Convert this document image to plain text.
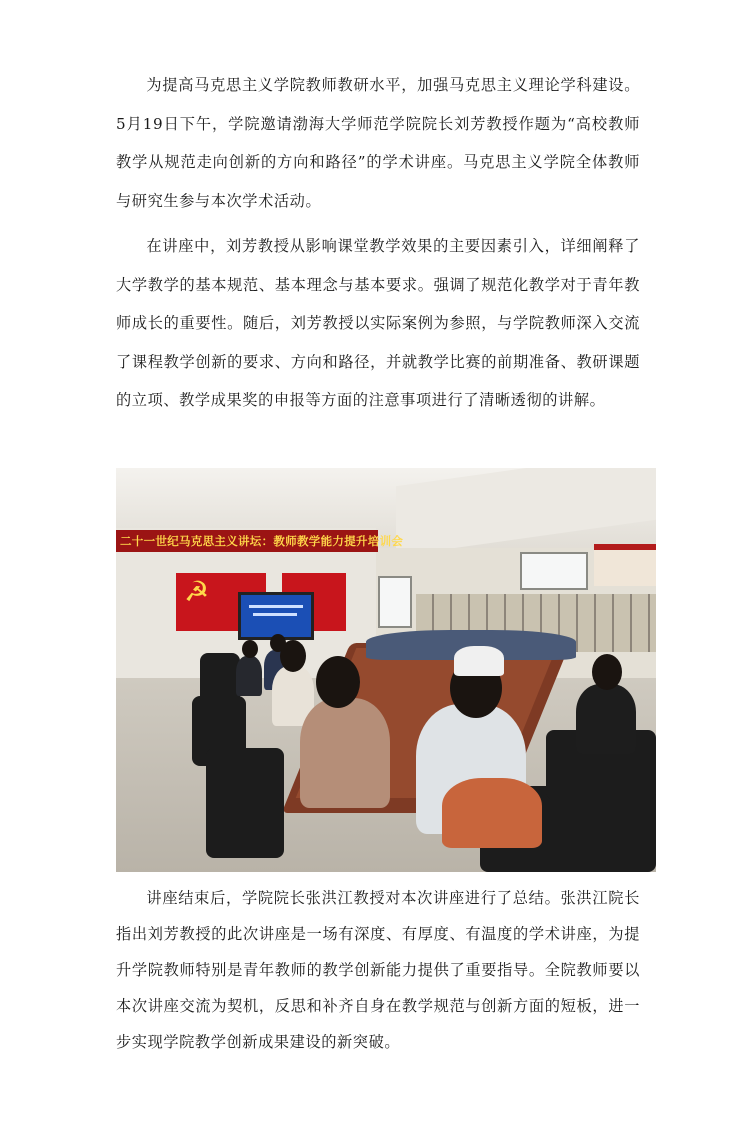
为提高马克思主义学院教师教研水平，加强马克思主义理论学科建设。5月19日下午，学院邀请渤海大学师范学院院长刘芳教授作题为“高校教师教学从规范走向创新的方向和路径”的学术讲座。马克思主义学院全体教师与研究生参与本次学术活动。

在讲座中，刘芳教授从影响课堂教学效果的主要因素引入，详细阐释了大学教学的基本规范、基本理念与基本要求。强调了规范化教学对于青年教师成长的重要性。随后，刘芳教授以实际案例为参照，与学院教师深入交流了课程教学创新的要求、方向和路径，并就教学比赛的前期准备、教研课题的立项、教学成果奖的申报等方面的注意事项进行了清晰透彻的讲解。

二十一世纪马克思主义讲坛：教师教学能力提升培训会
☭

讲座结束后，学院院长张洪江教授对本次讲座进行了总结。张洪江院长指出刘芳教授的此次讲座是一场有深度、有厚度、有温度的学术讲座，为提升学院教师特别是青年教师的教学创新能力提供了重要指导。全院教师要以本次讲座交流为契机，反思和补齐自身在教学规范与创新方面的短板，进一步实现学院教学创新成果建设的新突破。
